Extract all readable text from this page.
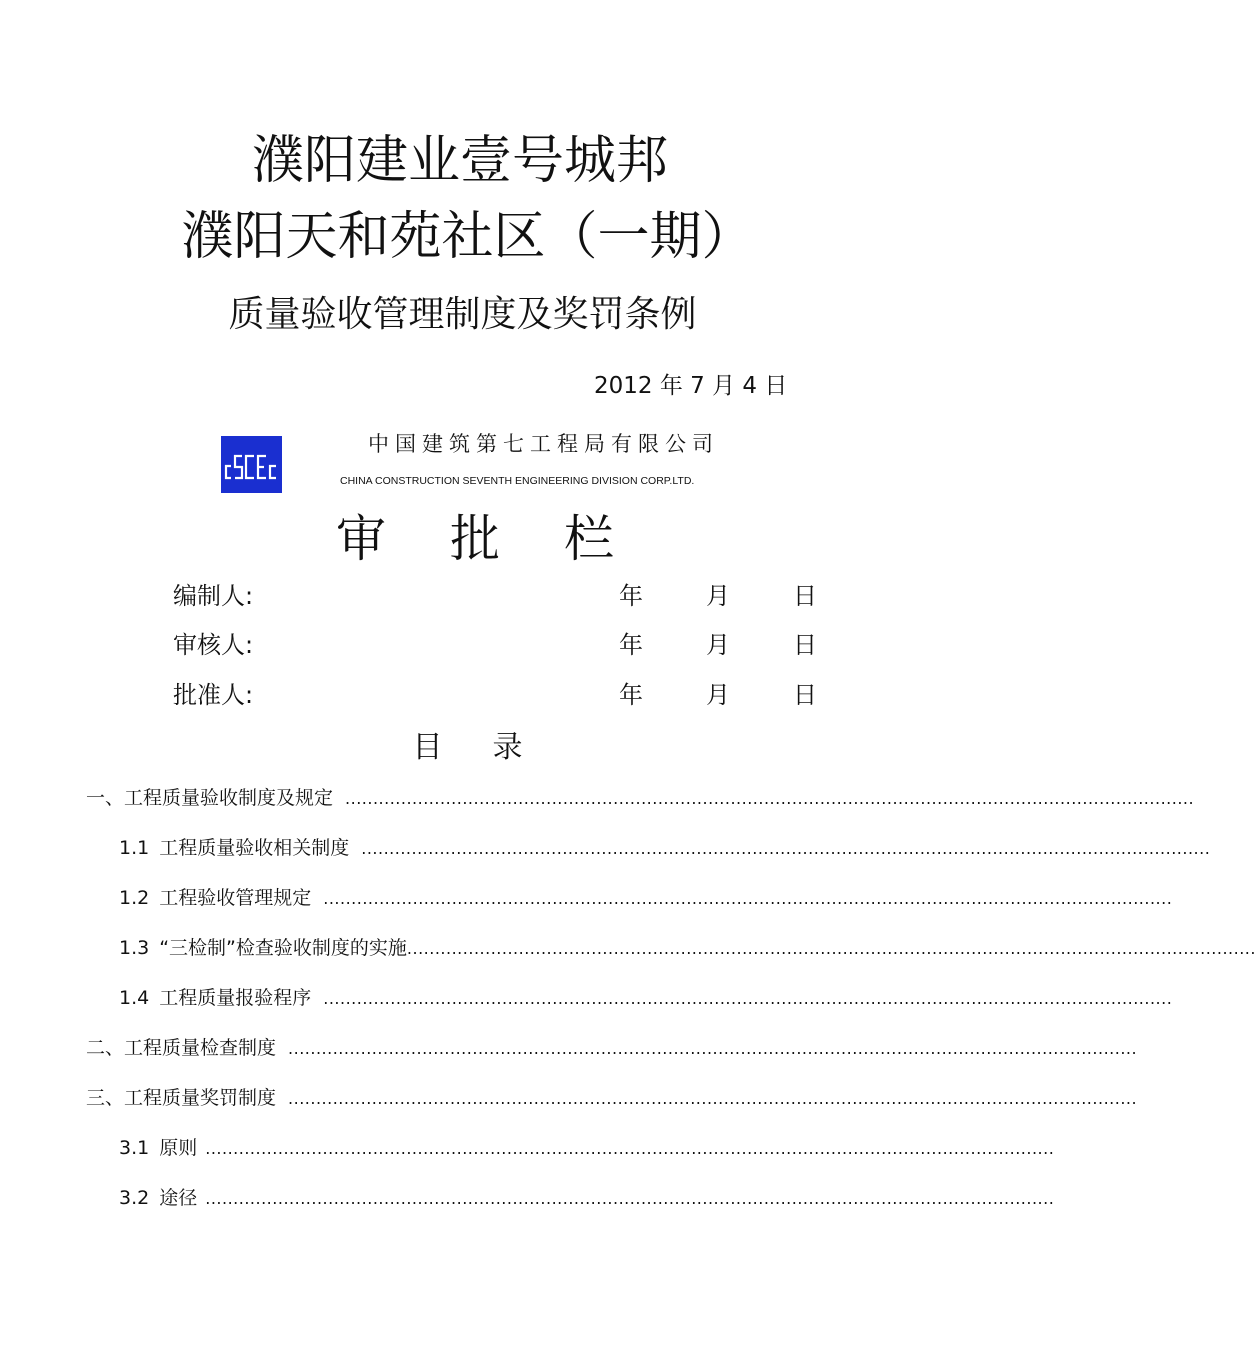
濮阳建业壹号城邦
濮阳天和苑社区（一期）
质量验收管理制度及奖罚条例
2012 年 7 月 4 日
中国建筑第七工程局有限公司
CHINA CONSTRUCTION SEVENTH ENGINEERING DIVISION CORP.LTD.
审 批 栏
编制人:	年	月	日
审核人:	年	月	日
批准人:	年	月	日
目 录
一、工程质量验收制度及规定 ........................................................................................................................................................
1.1 工程质量验收相关制度 ........................................................................................................................................................
1.2 工程验收管理规定 ........................................................................................................................................................
1.3 “三检制”检查验收制度的实施 ........................................................................................................................................................
1.4 工程质量报验程序 ........................................................................................................................................................
二、工程质量检查制度 ........................................................................................................................................................
三、工程质量奖罚制度 ........................................................................................................................................................
3.1 原则 ........................................................................................................................................................
3.2 途径 ........................................................................................................................................................
